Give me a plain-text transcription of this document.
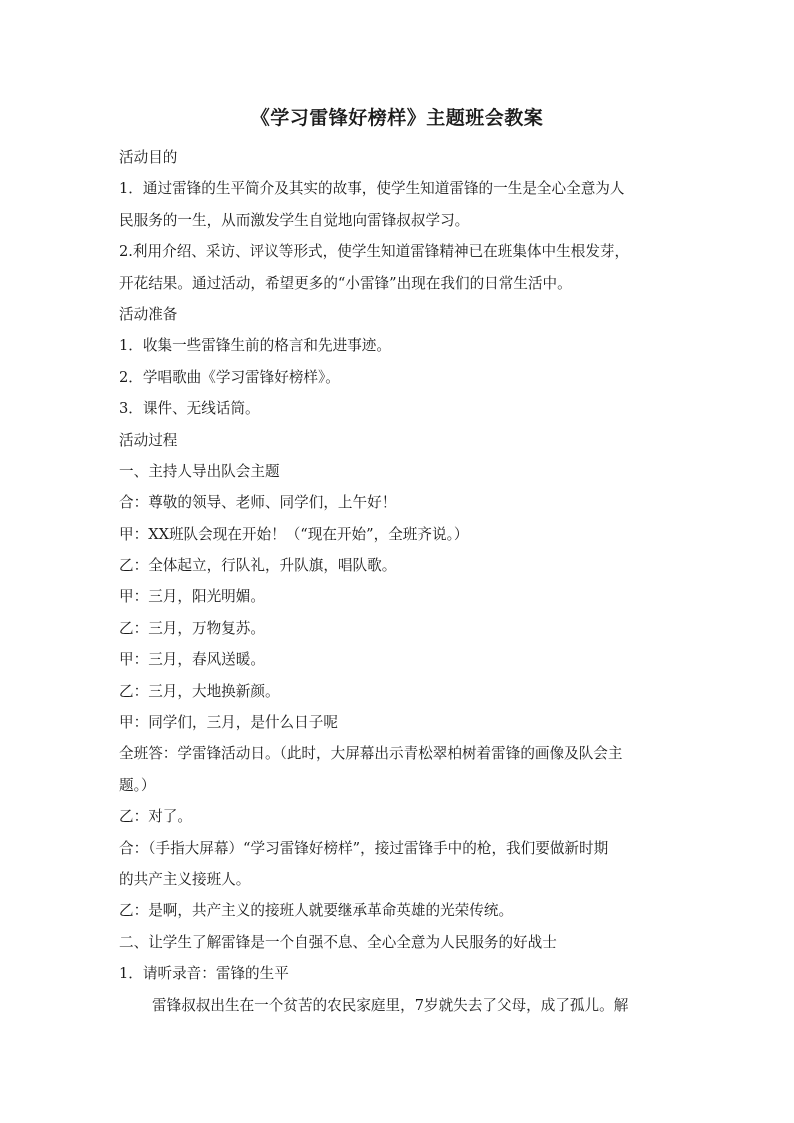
《学习雷锋好榜样》主题班会教案
活动目的
1．通过雷锋的生平简介及其实的故事，使学生知道雷锋的一生是全心全意为人
民服务的一生，从而激发学生自觉地向雷锋叔叔学习。
2.利用介绍、采访、评议等形式，使学生知道雷锋精神已在班集体中生根发芽，
开花结果。通过活动，希望更多的“小雷锋”出现在我们的日常生活中。
活动准备
1．收集一些雷锋生前的格言和先进事迹。
2．学唱歌曲《学习雷锋好榜样》。
3．课件、无线话筒。
活动过程
一、主持人导出队会主题
合：尊敬的领导、老师、同学们，上午好！
甲：XX班队会现在开始！（“现在开始”，全班齐说。）
乙：全体起立，行队礼，升队旗，唱队歌。
甲：三月，阳光明媚。
乙：三月，万物复苏。
甲：三月，春风送暖。
乙：三月，大地换新颜。
甲：同学们，三月，是什么日子呢
全班答：学雷锋活动日。（此时，大屏幕出示青松翠柏树着雷锋的画像及队会主
题。）
乙：对了。
合：（手指大屏幕）“学习雷锋好榜样”，接过雷锋手中的枪，我们要做新时期
的共产主义接班人。
乙：是啊，共产主义的接班人就要继承革命英雄的光荣传统。
二、让学生了解雷锋是一个自强不息、全心全意为人民服务的好战士
1．请听录音：雷锋的生平
雷锋叔叔出生在一个贫苦的农民家庭里，7岁就失去了父母，成了孤儿。解
